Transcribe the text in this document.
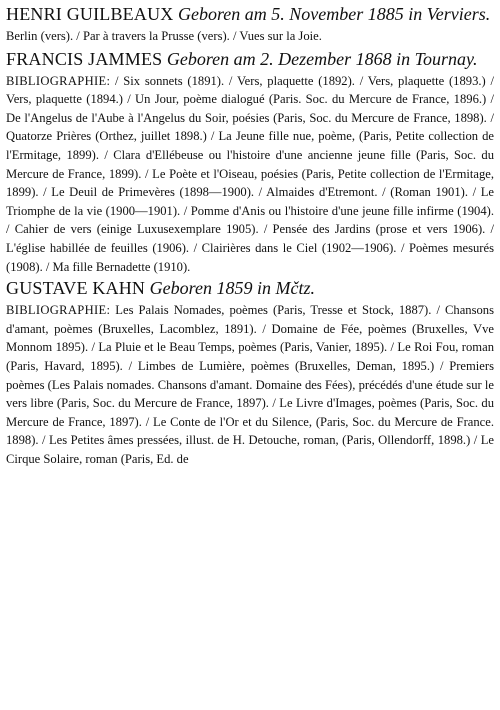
HENRI GUILBEAUX Geboren am 5. November 1885 in Verviers.

Berlin (vers). / Par à travers la Prusse (vers). / Vues sur la Joie.

FRANCIS JAMMES Geboren am 2. Dezember 1868 in Tournay.

BIBLIOGRAPHIE: / Six sonnets (1891). / Vers, plaquette (1892). / Vers, plaquette (1893.) / Vers, plaquette (1894.) / Un Jour, poème dialogué (Paris. Soc. du Mercure de France, 1896.) / De l'Angelus de l'Aube à l'Angelus du Soir, poésies (Paris, Soc. du Mercure de France, 1898). / Quatorze Prières (Orthez, juillet 1898.) / La Jeune fille nue, poème, (Paris, Petite collection de l'Ermitage, 1899). / Clara d'Ellébeuse ou l'histoire d'une ancienne jeune fille (Paris, Soc. du Mercure de France, 1899). / Le Poète et l'Oiseau, poésies (Paris, Petite collection de l'Ermitage, 1899). / Le Deuil de Primevères (1898—1900). / Almaides d'Etremont. / (Roman 1901). / Le Triomphe de la vie (1900—1901). / Pomme d'Anis ou l'histoire d'une jeune fille infirme (1904). / Cahier de vers (einige Luxusexemplare 1905). / Pensée des Jardins (prose et vers 1906). / L'église habillée de feuilles (1906). / Clairières dans le Ciel (1902—1906). / Poèmes mesurés (1908). / Ma fille Bernadette (1910).

GUSTAVE KAHN Geboren 1859 in Mčtz.

BIBLIOGRAPHIE: Les Palais Nomades, poèmes (Paris, Tresse et Stock, 1887). / Chansons d'amant, poèmes (Bruxelles, Lacomblez, 1891). / Domaine de Fée, poèmes (Bruxelles, Vve Monnom 1895). / La Pluie et le Beau Temps, poèmes (Paris, Vanier, 1895). / Le Roi Fou, roman (Paris, Havard, 1895). / Limbes de Lumière, poèmes (Bruxelles, Deman, 1895.) / Premiers poèmes (Les Palais nomades. Chansons d'amant. Domaine des Fées), précédés d'une étude sur le vers libre (Paris, Soc. du Mercure de France, 1897). / Le Livre d'Images, poèmes (Paris, Soc. du Mercure de France, 1897). / Le Conte de l'Or et du Silence, (Paris, Soc. du Mercure de France. 1898). / Les Petites âmes pressées, illust. de H. Detouche, roman, (Paris, Ollendorff, 1898.) / Le Cirque Solaire, roman (Paris, Ed. de
